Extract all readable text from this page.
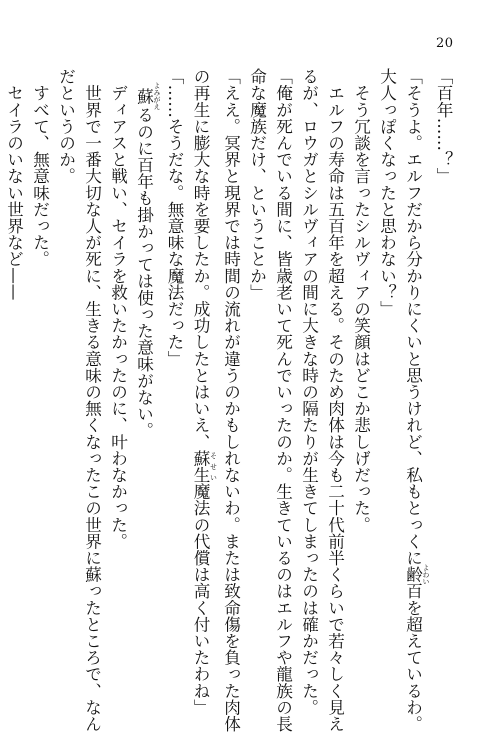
20
「百年……？」
「そうよ。エルフだから分かりにくいと思うけれど、私もとっくに齢 よわい百を超えているわ。
大人っぽくなったと思わない？」
　そう冗談を言ったシルヴィアの笑顔はどこか悲しげだった。
　エルフの寿命は五百年を超える。そのため肉体は今も二十代前半くらいで若々しく見え
るが、ロウガとシルヴィアの間に大きな時の隔たりが生きてしまったのは確かだった。
「俺が死んでいる間に、皆歳老いて死んでいったのか。生きているのはエルフや龍族の長
命な魔族だけ、ということか」
「ええ。冥界と現界では時間の流れが違うのかもしれないわ。または致命傷を負った肉体
の再生に膨大な時を要したか。成功したとはいえ、蘇生 そせい魔法の代償は高く付いたわね」
「……そうだな。無意味な魔法だった」
　蘇 よみがえるのに百年も掛かっては使った意味がない。
　ディアスと戦い、セイラを救いたかったのに、叶わなかった。
　世界で一番大切な人が死に、生きる意味の無くなったこの世界に蘇ったところで、なん
だというのか。
　すべて、無意味だった。
　セイラのいない世界など——
